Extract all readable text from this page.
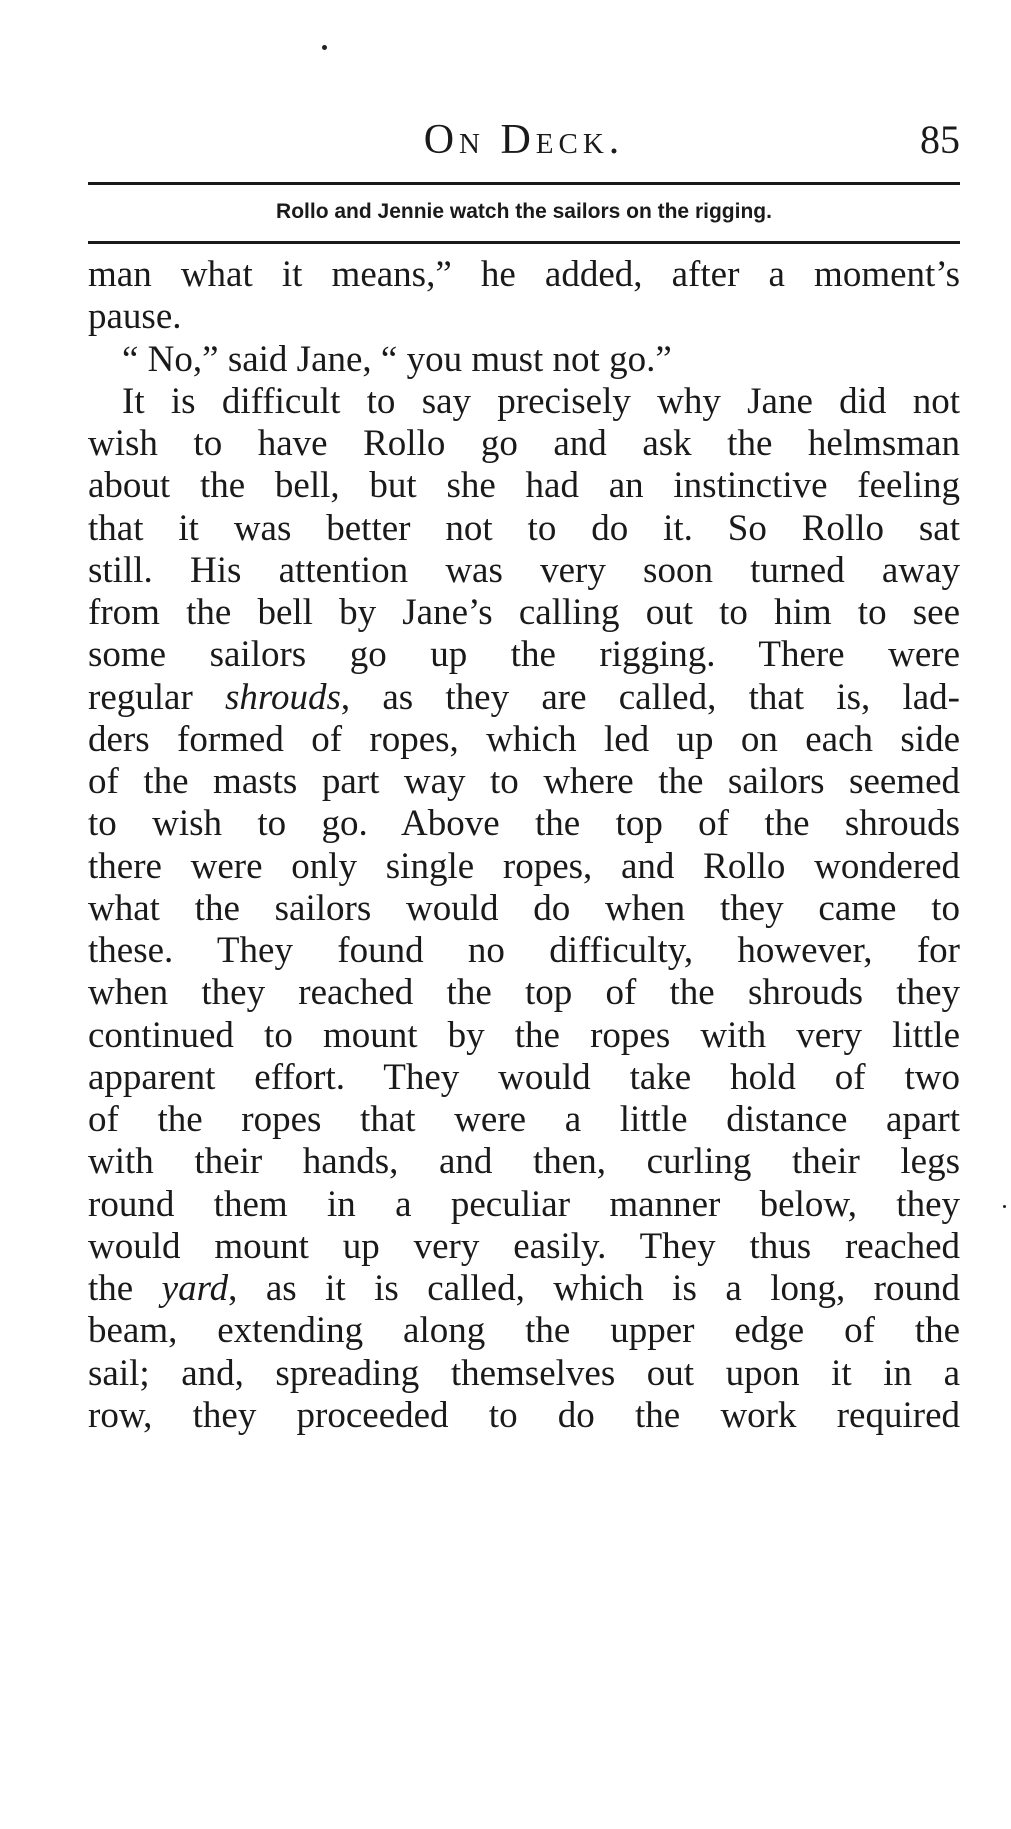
On Deck.	85
Rollo and Jennie watch the sailors on the rigging.
man what it means,” he added, after a moment’s
pause.
“ No,” said Jane, “ you must not go.”
It is difficult to say precisely why Jane did not
wish to have Rollo go and ask the helmsman
about the bell, but she had an instinctive feeling
that it was better not to do it. So Rollo sat
still. His attention was very soon turned away
from the bell by Jane’s calling out to him to see
some sailors go up the rigging. There were
regular shrouds, as they are called, that is, lad-
ders formed of ropes, which led up on each side
of the masts part way to where the sailors seemed
to wish to go. Above the top of the shrouds
there were only single ropes, and Rollo wondered
what the sailors would do when they came to
these. They found no difficulty, however, for
when they reached the top of the shrouds they
continued to mount by the ropes with very little
apparent effort. They would take hold of two
of the ropes that were a little distance apart
with their hands, and then, curling their legs
round them in a peculiar manner below, they
would mount up very easily. They thus reached
the yard, as it is called, which is a long, round
beam, extending along the upper edge of the
sail; and, spreading themselves out upon it in a
row, they proceeded to do the work required
